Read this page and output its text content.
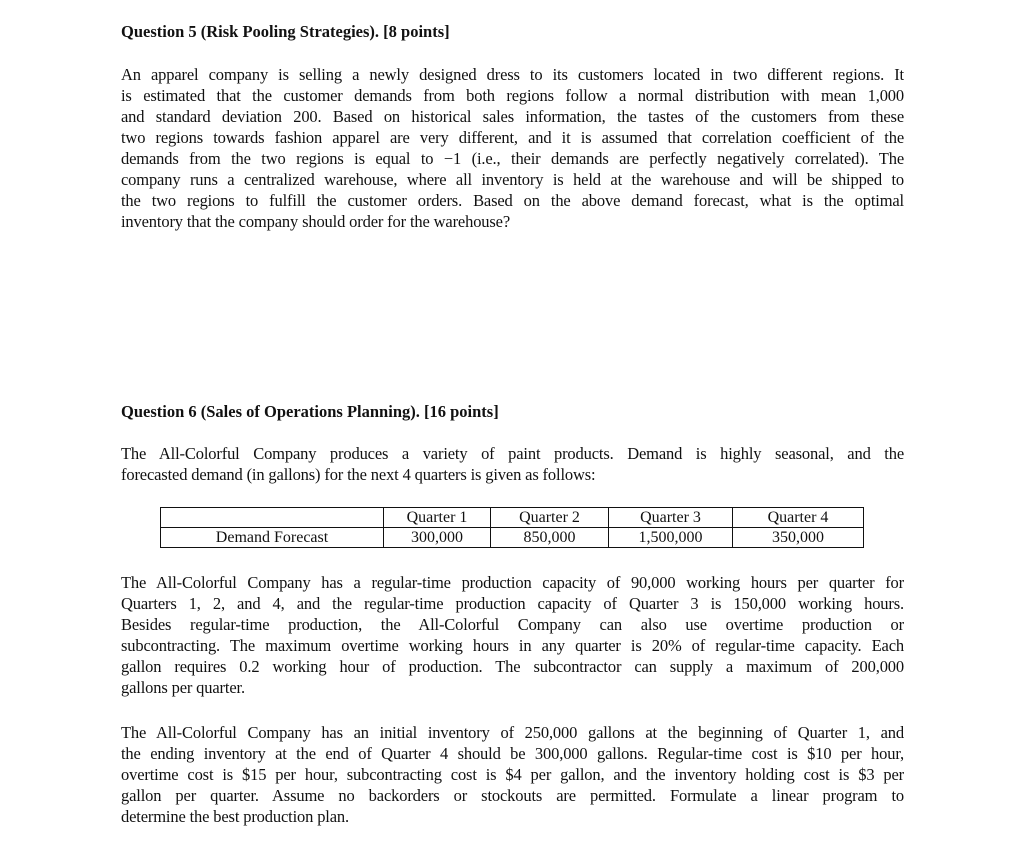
Question 5 (Risk Pooling Strategies). [8 points]
An apparel company is selling a newly designed dress to its customers located in two different regions. It
is estimated that the customer demands from both regions follow a normal distribution with mean 1,000
and standard deviation 200. Based on historical sales information, the tastes of the customers from these
two regions towards fashion apparel are very different, and it is assumed that correlation coefficient of the
demands from the two regions is equal to −1 (i.e., their demands are perfectly negatively correlated). The
company runs a centralized warehouse, where all inventory is held at the warehouse and will be shipped to
the two regions to fulfill the customer orders. Based on the above demand forecast, what is the optimal
inventory that the company should order for the warehouse?
Question 6 (Sales of Operations Planning). [16 points]
The All-Colorful Company produces a variety of paint products. Demand is highly seasonal, and the
forecasted demand (in gallons) for the next 4 quarters is given as follows:
	Quarter 1	Quarter 2	Quarter 3	Quarter 4
Demand Forecast	300,000	850,000	1,500,000	350,000
The All-Colorful Company has a regular-time production capacity of 90,000 working hours per quarter for
Quarters 1, 2, and 4, and the regular-time production capacity of Quarter 3 is 150,000 working hours.
Besides regular-time production, the All-Colorful Company can also use overtime production or
subcontracting. The maximum overtime working hours in any quarter is 20% of regular-time capacity. Each
gallon requires 0.2 working hour of production. The subcontractor can supply a maximum of 200,000
gallons per quarter.
The All-Colorful Company has an initial inventory of 250,000 gallons at the beginning of Quarter 1, and
the ending inventory at the end of Quarter 4 should be 300,000 gallons. Regular-time cost is $10 per hour,
overtime cost is $15 per hour, subcontracting cost is $4 per gallon, and the inventory holding cost is $3 per
gallon per quarter. Assume no backorders or stockouts are permitted. Formulate a linear program to
determine the best production plan.
